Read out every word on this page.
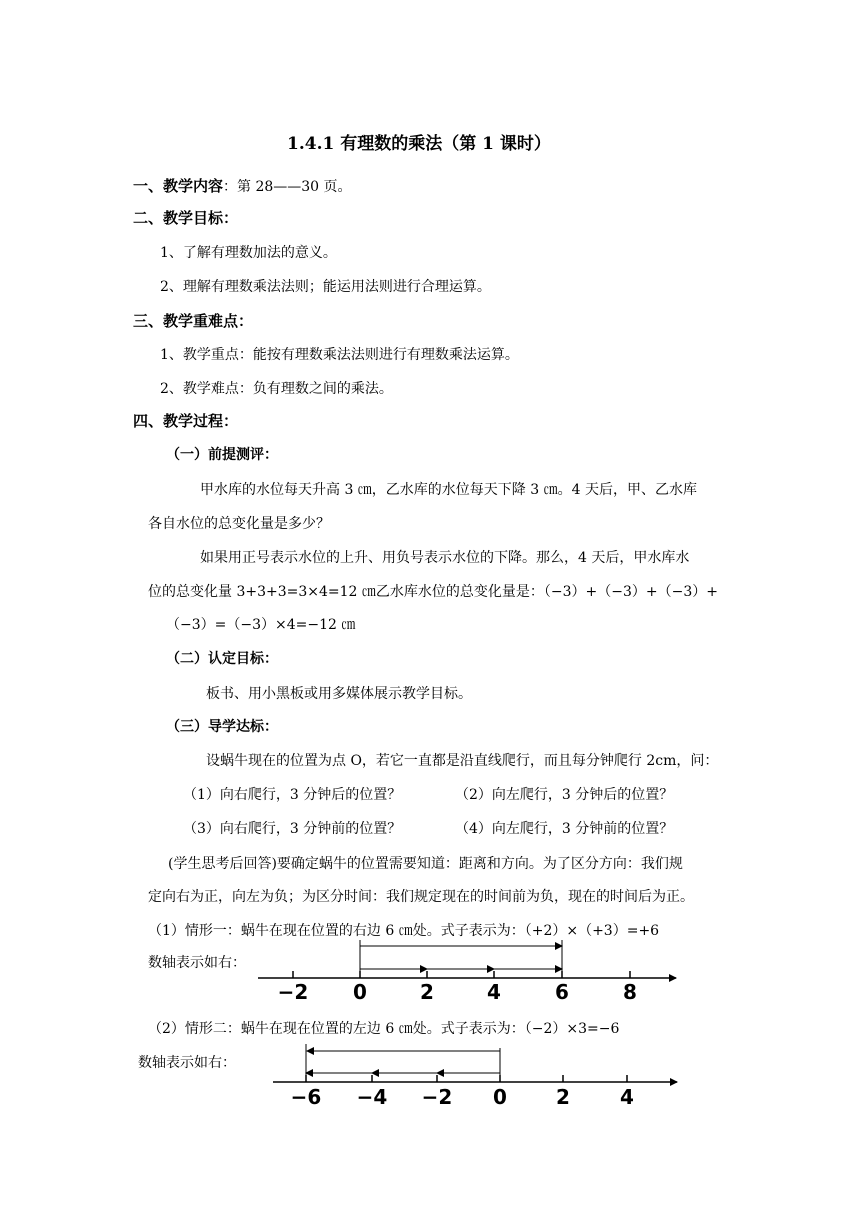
1.4.1 有理数的乘法（第 1 课时）
一、教学内容：第 28——30 页。
二、教学目标：
1、了解有理数加法的意义。
2、理解有理数乘法法则；能运用法则进行合理运算。
三、教学重难点：
1、教学重点：能按有理数乘法法则进行有理数乘法运算。
2、教学难点：负有理数之间的乘法。
四、教学过程：
（一）前提测评：
甲水库的水位每天升高 3 ㎝，乙水库的水位每天下降 3 ㎝。4 天后，甲、乙水库
各自水位的总变化量是多少？
如果用正号表示水位的上升、用负号表示水位的下降。那么，4 天后，甲水库水
位的总变化量 3+3+3=3×4=12 ㎝乙水库水位的总变化量是：（−3）+（−3）+（−3）+
（−3）=（−3）×4=−12 ㎝
（二）认定目标：
板书、用小黑板或用多媒体展示教学目标。
（三）导学达标：
设蜗牛现在的位置为点 O，若它一直都是沿直线爬行，而且每分钟爬行 2cm，问：
（1）向右爬行，3 分钟后的位置？	（2）向左爬行，3 分钟后的位置？
（3）向右爬行，3 分钟前的位置？	（4）向左爬行，3 分钟前的位置？
(学生思考后回答)要确定蜗牛的位置需要知道：距离和方向。为了区分方向：我们规
定向右为正，向左为负；为区分时间：我们规定现在的时间前为负，现在的时间后为正。
（1）情形一：蜗牛在现在位置的右边 6 ㎝处。式子表示为：（+2）×（+3）=+6
数轴表示如右：
−2 0	2	4	6	8
（2）情形二：蜗牛在现在位置的左边 6 ㎝处。式子表示为：（−2）×3=−6
数轴表示如右：
−6 −4 −2 0 2	4
